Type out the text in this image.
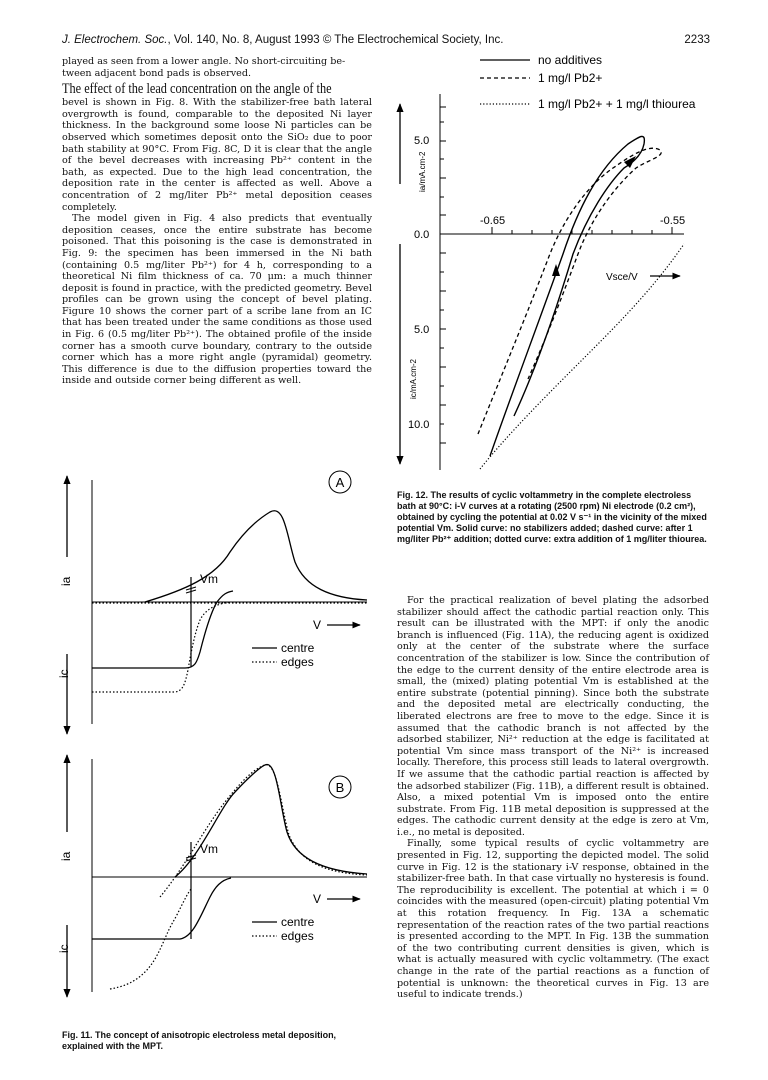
J. Electrochem. Soc., Vol. 140, No. 8, August 1993 © The Electrochemical Society, Inc.	2233

played as seen from a lower angle. No short-circuiting be-
tween adjacent bond pads is observed.

The effect of the lead concentration on the angle of the

bevel is shown in Fig. 8. With the stabilizer-free bath lateral overgrowth is found, comparable to the deposited Ni layer thickness. In the background some loose Ni particles can be observed which sometimes deposit onto the SiO₂ due to poor bath stability at 90°C. From Fig. 8C, D it is clear that the angle of the bevel decreases with increasing Pb²⁺ content in the bath, as expected. Due to the high lead concentration, the deposition rate in the center is affected as well. Above a concentration of 2 mg/liter Pb²⁺ metal deposition ceases completely.

The model given in Fig. 4 also predicts that eventually deposition ceases, once the entire substrate has become poisoned. That this poisoning is the case is demonstrated in Fig. 9: the specimen has been immersed in the Ni bath (containing 0.5 mg/liter Pb²⁺) for 4 h, corresponding to a theoretical Ni film thickness of ca. 70 μm: a much thinner deposit is found in practice, with the predicted geometry. Bevel profiles can be grown using the concept of bevel plating. Figure 10 shows the corner part of a scribe lane from an IC that has been treated under the same conditions as those used in Fig. 6 (0.5 mg/liter Pb²⁺). The obtained profile of the inside corner has a smooth curve boundary, contrary to the outside corner which has a more right angle (pyramidal) geometry. This difference is due to the diffusion properties toward the inside and outside corner being different as well.

ia
ic
A
Vm
V
centre
edges
ia
ic
B
Vm
V
centre
edges
Fig. 11. The concept of anisotropic electroless metal deposition, explained with the MPT.
no additives
1 mg/l Pb2+
1 mg/l Pb2+ + 1 mg/l thiourea
ia/mA.cm-2
ic/mA.cm-2
5.0
0.0
5.0
10.0
-0.65	-0.55
Vsce/V
Fig. 12. The results of cyclic voltammetry in the complete electroless bath at 90°C: i-V curves at a rotating (2500 rpm) Ni electrode (0.2 cm²), obtained by cycling the potential at 0.02 V s⁻¹ in the vicinity of the mixed potential Vm. Solid curve: no stabilizers added; dashed curve: after 1 mg/liter Pb²⁺ addition; dotted curve: extra addition of 1 mg/liter thiourea.

For the practical realization of bevel plating the adsorbed stabilizer should affect the cathodic partial reaction only. This result can be illustrated with the MPT: if only the anodic branch is influenced (Fig. 11A), the reducing agent is oxidized only at the center of the substrate where the surface concentration of the stabilizer is low. Since the contribution of the edge to the current density of the entire electrode area is small, the (mixed) plating potential Vm is established at the entire substrate (potential pinning). Since both the substrate and the deposited metal are electrically conducting, the liberated electrons are free to move to the edge. Since it is assumed that the cathodic branch is not affected by the adsorbed stabilizer, Ni²⁺ reduction at the edge is facilitated at potential Vm since mass transport of the Ni²⁺ is increased locally. Therefore, this process still leads to lateral overgrowth. If we assume that the cathodic partial reaction is affected by the adsorbed stabilizer (Fig. 11B), a different result is obtained. Also, a mixed potential Vm is imposed onto the entire substrate. From Fig. 11B metal deposition is suppressed at the edges. The cathodic current density at the edge is zero at Vm, i.e., no metal is deposited.

Finally, some typical results of cyclic voltammetry are presented in Fig. 12, supporting the depicted model. The solid curve in Fig. 12 is the stationary i-V response, obtained in the stabilizer-free bath. In that case virtually no hysteresis is found. The reproducibility is excellent. The potential at which i = 0 coincides with the measured (open-circuit) plating potential Vm at this rotation frequency. In Fig. 13A a schematic representation of the reaction rates of the two partial reactions is presented according to the MPT. In Fig. 13B the summation of the two contributing current densities is given, which is what is actually measured with cyclic voltammetry. (The exact change in the rate of the partial reactions as a function of potential is unknown: the theoretical curves in Fig. 13 are useful to indicate trends.)
